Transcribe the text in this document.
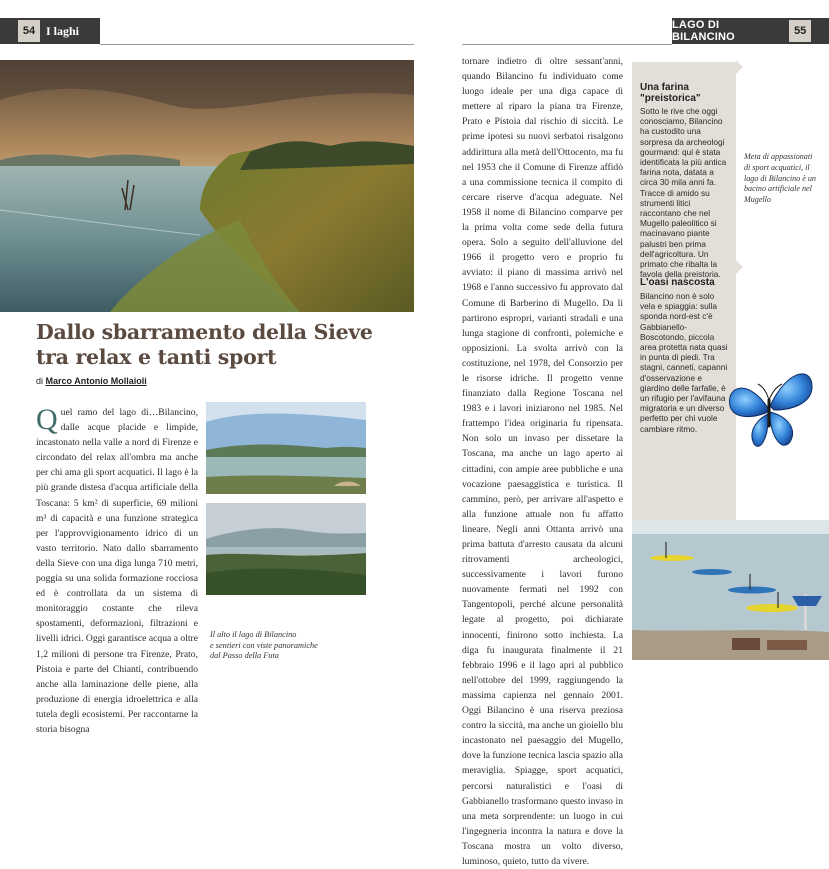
54 I laghi	LAGO DI BILANCINO	55
Dallo sbarramento della Sieve
tra relax e tanti sport
di Marco Antonio Mollaioli
Q uel ramo del lago di…Bilancino, dalle acque placide e limpide, incastonato nella valle a nord di Firenze e circondato del relax all'ombra ma anche per chi ama gli sport acquatici. Il lago è la più grande distesa d'acqua artificiale della Toscana: 5 km² di superficie, 69 milioni m³ di capacità e una funzione strategica per l'approvvigionamento idrico di un vasto territorio. Nato dallo sbarramento della Sieve con una diga lunga 710 metri, poggia su una solida formazione rocciosa ed è controllata da un sistema di monitoraggio costante che rileva spostamenti, deformazioni, filtrazioni e livelli idrici. Oggi garantisce acqua a oltre 1,2 milioni di persone tra Firenze, Prato, Pistoia e parte del Chianti, contribuendo anche alla laminazione delle piene, alla produzione di energia idroelettrica e alla tutela degli ecosistemi. Per raccontarne la storia bisogna
Il alto il lago di Bilancino
e sentieri con viste panoramiche
dal Passo della Futa
tornare indietro di oltre sessant'anni, quando Bilancino fu individuato come luogo ideale per una diga capace di mettere al riparo la piana tra Firenze, Prato e Pistoia dal rischio di siccità. Le prime ipotesi su nuovi serbatoi risalgono addirittura alla metà dell'Ottocento, ma fu nel 1953 che il Comune di Firenze affidò a una commissione tecnica il compito di cercare riserve d'acqua adeguate. Nel 1958 il nome di Bilancino comparve per la prima volta come sede della futura opera. Solo a seguito dell'alluvione del 1966 il progetto vero e proprio fu avviato: il piano di massima arrivò nel 1968 e l'anno successivo fu approvato dal Comune di Barberino di Mugello. Da lì partirono espropri, varianti stradali e una lunga stagione di confronti, polemiche e opposizioni. La svolta arrivò con la costituzione, nel 1978, del Consorzio per le risorse idriche. Il progetto venne finanziato dalla Regione Toscana nel 1983 e i lavori iniziarono nel 1985. Nel frattempo l'idea originaria fu ripensata. Non solo un invaso per dissetare la Toscana, ma anche un lago aperto ai cittadini, con ampie aree pubbliche e una vocazione paesaggistica e turistica. Il cammino, però, per arrivare all'aspetto e alla funzione attuale non fu affatto lineare. Negli anni Ottanta arrivò una prima battuta d'arresto causata da alcuni ritrovamenti archeologici, successivamente i lavori furono nuovamente fermati nel 1992 con Tangentopoli, perché alcune personalità legate al progetto, poi dichiarate innocenti, finirono sotto inchiesta. La diga fu inaugurata finalmente il 21 febbraio 1996 e il lago aprì al pubblico nell'ottobre del 1999, raggiungendo la massima capienza nel gennaio 2001. Oggi Bilancino è una riserva preziosa contro la siccità, ma anche un gioiello blu incastonato nel paesaggio del Mugello, dove la funzione tecnica lascia spazio alla meraviglia. Spiagge, sport acquatici, percorsi naturalistici e l'oasi di Gabbianello trasformano questo invaso in una meta sorprendente: un luogo in cui l'ingegneria incontra la natura e dove la Toscana mostra un volto diverso, luminoso, quieto, tutto da vivere.
Una farina
"preistorica"
Sotto le rive che oggi conosciamo, Bilancino ha custodito una sorpresa da archeologi gourmand: qui è stata identificata la più antica farina nota, datata a circa 30 mila anni fa. Tracce di amido su strumenti litici raccontano che nel Mugello paleolitico si macinavano piante palustri ben prima dell'agricoltura. Un primato che ribalta la favola della preistoria.
L'oasi nascosta
Bilancino non è solo vela e spiaggia: sulla sponda nord-est c'è Gabbianello-Boscotondo, piccola area protetta nata quasi in punta di piedi. Tra stagni, canneti, capanni d'osservazione e giardino delle farfalle, è un rifugio per l'avifauna migratoria e un diverso perfetto per chi vuole cambiare ritmo.
Meta di appassionati di sport acquatici, il lago di Bilancino è un bacino artificiale nel Mugello
